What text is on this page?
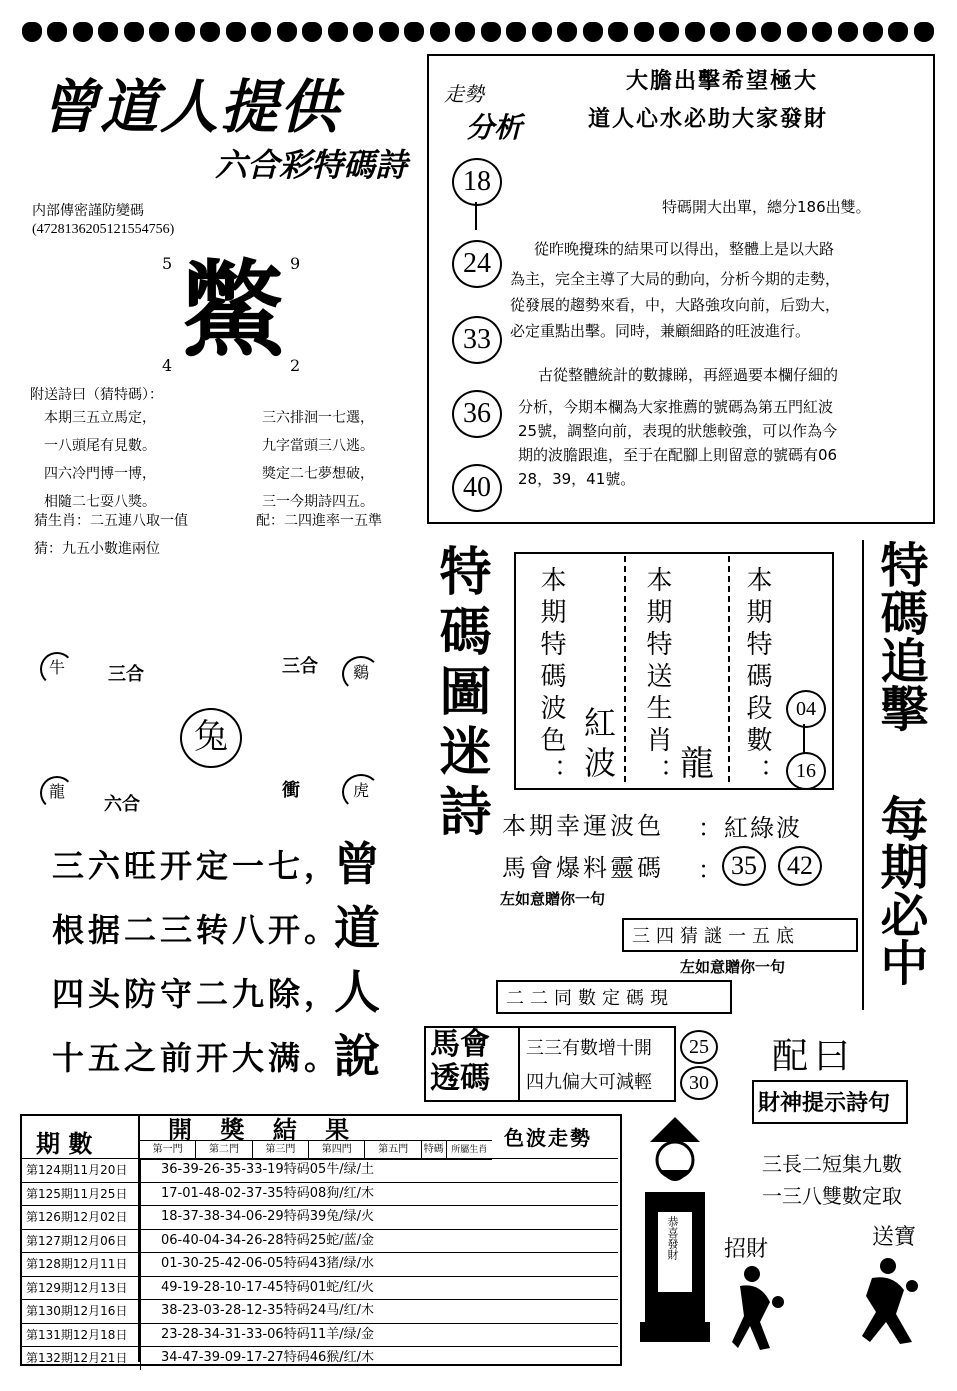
曾道人提供
六合彩特碼詩
内部傳密謹防變碼
(4728136205121554756)
5	9
鱉
4	2
附送詩曰（猜特碼）：
本期三五立馬定，
一八頭尾有見數。
四六冷門博一博，
相隨二七耍八獎。
三六排洄一七選，
九字當頭三八逃。
獎定二七夢想破，
三一今期詩四五。
猜生肖：二五連八取一值	配：二四進率一五準
猜：九五小數進兩位
走勢
分析
大膽出擊希望極大
道人心水必助大家發財
18
24
33
36
40
特碼開大出單，總分186出雙。
從昨晚攪珠的結果可以得出，整體上是以大路
為主，完全主導了大局的動向，分析今期的走勢，
從發展的趨勢來看，中，大路強攻向前，后勁大，
必定重點出擊。同時，兼顧細路的旺波進行。
古從整體統計的數據睇，再經過要本欄仔細的
分析，今期本欄為大家推薦的號碼為第五門紅波
25號，調整向前，表現的狀態較強，可以作為今
期的波膽跟進，至于在配腳上則留意的號碼有06
28，39，41號。
牛	三合	三合	鷄
兔
龍
六合
衝	虎
三六旺开定一七，
根据二三转八开。
四头防守二九除，
十五之前开大满。
曾
道
人
說
特碼圖迷詩 本期特碼波色： 紅波 本期特送生肖： 龍 本期特碼段數：	04
16
本期幸運波色 ：紅綠波
馬會爆料靈碼 ： 35	42
左如意贈你一句
三四猜謎一五底
左如意贈你一句
二二同數定碼現
特碼追擊
每期必中
馬會透碼
三三有數增十開	25
四九偏大可減輕	30
配曰
財神提示詩句
三長二短集九數
一三八雙數定取
恭喜發財 招財	送寶
期 數	開 獎 結 果	色波走勢
第一門	第二門	第三門	第四門	第五門	特碼 所屬生肖
第124期11月20日	36-39-26-35-33-19特码05牛/绿/土
第125期11月25日	17-01-48-02-37-35特码08狗/红/木
第126期12月02日	18-37-38-34-06-29特码39兔/绿/火
第127期12月06日	06-40-04-34-26-28特码25蛇/蓝/金
第128期12月11日	01-30-25-42-06-05特码43猪/绿/水
第129期12月13日	49-19-28-10-17-45特码01蛇/红/火
第130期12月16日	38-23-03-28-12-35特码24马/红/木
第131期12月18日	23-28-34-31-33-06特码11羊/绿/金
第132期12月21日	34-47-39-09-17-27特码46猴/红/木
